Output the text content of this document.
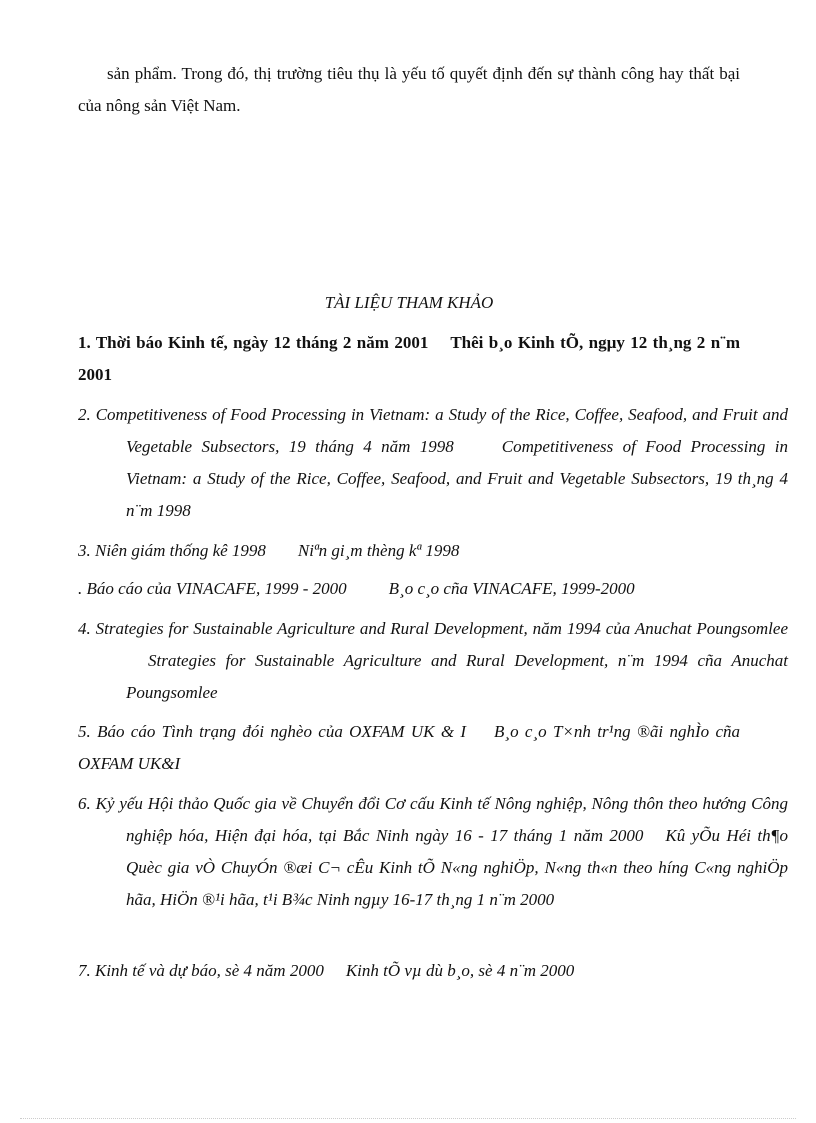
sản phẩm. Trong đó, thị trường tiêu thụ là yếu tố quyết định đến sự thành công hay thất bại của nông sản Việt Nam.

TÀI LIỆU THAM KHẢO

1. Thời báo Kinh tế, ngày 12 tháng 2 năm 2001 Thêi b¸o Kinh tÕ, ngµy 12 th¸ng 2 n¨m 2001

2. Competitiveness of Food Processing in Vietnam: a Study of the Rice, Coffee, Seafood, and Fruit and Vegetable Subsectors, 19 tháng 4 năm 1998	Competitiveness of Food Processing in Vietnam: a Study of the Rice, Coffee, Seafood, and Fruit and Vegetable Subsectors, 19 th¸ng 4 n¨m 1998

3. Niên giám thống kê 1998 Niªn gi¸m thèng kª 1998

. Báo cáo của VINACAFE, 1999 - 2000 B¸o c¸o cña VINACAFE, 1999-2000

4. Strategies for Sustainable Agriculture and Rural Development, năm 1994 của Anuchat PoungsomleeStrategies for Sustainable Agriculture and Rural Development, n¨m 1994 cña Anuchat Poungsomlee

5. Báo cáo Tình trạng đói nghèo của OXFAM UK & I B¸o c¸o T×nh tr¹ng ®ãi nghÌo cña OXFAM UK&I

6. Kỷ yếu Hội thảo Quốc gia về Chuyển đổi Cơ cấu Kinh tế Nông nghiệp, Nông thôn theo hướng Công nghiệp hóa, Hiện đại hóa, tại Bắc Ninh ngày 16 - 17 tháng 1 năm 2000 Kû yÕu Héi th¶o Quèc gia vÒ ChuyÓn ®æi C¬ cÊu Kinh tÕ N«ng nghiÖp, N«ng th«n theo híng C«ng nghiÖp hãa, HiÖn ®¹i hãa, t¹i B¾c Ninh ngµy 16-17 th¸ng 1 n¨m 2000

7. Kinh tế và dự báo, sè 4 năm 2000 Kinh tÕ vµ dù b¸o, sè 4 n¨m 2000
